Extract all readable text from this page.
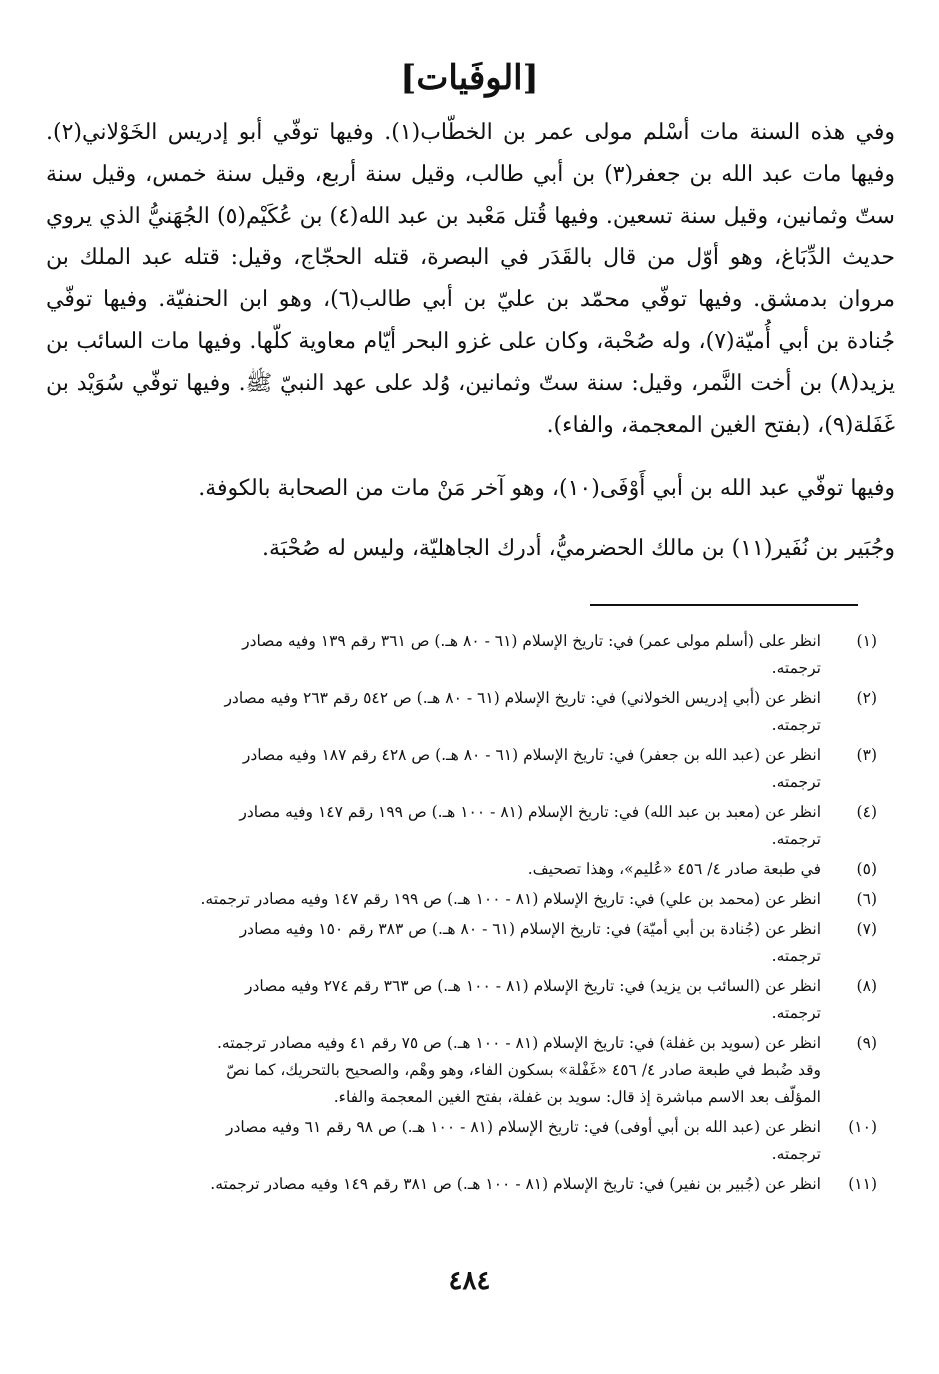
[الوفَيات]

وفي هذه السنة مات أسْلم مولى عمر بن الخطّاب(١). وفيها توفّي أبو إدريس الخَوْلاني(٢). وفيها مات عبد الله بن جعفر(٣) بن أبي طالب، وقيل سنة أربع، وقيل سنة خمس، وقيل سنة ستّ وثمانين، وقيل سنة تسعين. وفيها قُتل مَعْبد بن عبد الله(٤) بن عُكَيْم(٥) الجُهَنيُّ الذي يروي حديث الدِّبَاغ، وهو أوّل من قال بالقَدَر في البصرة، قتله الحجّاج، وقيل: قتله عبد الملك بن مروان بدمشق. وفيها توفّي محمّد بن عليّ بن أبي طالب(٦)، وهو ابن الحنفيّة. وفيها توفّي جُنادة بن أبي أُميّة(٧)، وله صُحْبة، وكان على غزو البحر أيّام معاوية كلّها. وفيها مات السائب بن يزيد(٨) بن أخت النَّمر، وقيل: سنة ستّ وثمانين، وُلد على عهد النبيّ ﷺ. وفيها توفّي سُوَيْد بن غَفَلة(٩)، (بفتح الغين المعجمة، والفاء).

وفيها توفّي عبد الله بن أبي أَوْفَى(١٠)، وهو آخر مَنْ مات من الصحابة بالكوفة.

وجُبَير بن نُفَير(١١) بن مالك الحضرميُّ، أدرك الجاهليّة، وليس له صُحْبَة.

(١)
انظر على (أسلم مولى عمر) في: تاريخ الإسلام (٦١ - ٨٠ هـ.) ص ٣٦١ رقم ١٣٩ وفيه مصادر
ترجمته.
(٢)
انظر عن (أبي إدريس الخولاني) في: تاريخ الإسلام (٦١ - ٨٠ هـ.) ص ٥٤٢ رقم ٢٦٣ وفيه مصادر
ترجمته.
(٣)
انظر عن (عبد الله بن جعفر) في: تاريخ الإسلام (٦١ - ٨٠ هـ.) ص ٤٢٨ رقم ١٨٧ وفيه مصادر
ترجمته.
(٤)
انظر عن (معبد بن عبد الله) في: تاريخ الإسلام (٨١ - ١٠٠ هـ.) ص ١٩٩ رقم ١٤٧ وفيه مصادر
ترجمته.
(٥)
في طبعة صادر ٤/ ٤٥٦ «عُليم»، وهذا تصحيف.
(٦)
انظر عن (محمد بن علي) في: تاريخ الإسلام (٨١ - ١٠٠ هـ.) ص ١٩٩ رقم ١٤٧ وفيه مصادر ترجمته.
(٧)
انظر عن (جُنادة بن أبي أميّة) في: تاريخ الإسلام (٦١ - ٨٠ هـ.) ص ٣٨٣ رقم ١٥٠ وفيه مصادر
ترجمته.
(٨)
انظر عن (السائب بن يزيد) في: تاريخ الإسلام (٨١ - ١٠٠ هـ.) ص ٣٦٣ رقم ٢٧٤ وفيه مصادر
ترجمته.
(٩)
انظر عن (سويد بن غفلة) في: تاريخ الإسلام (٨١ - ١٠٠ هـ.) ص ٧٥ رقم ٤١ وفيه مصادر ترجمته.
وقد ضُبط في طبعة صادر ٤/ ٤٥٦ «غَفْلة» بسكون الفاء، وهو وهْم، والصحيح بالتحريك، كما نصّ
المؤلّف بعد الاسم مباشرة إذ قال: سويد بن غفلة، بفتح الغين المعجمة والفاء.
(١٠)
انظر عن (عبد الله بن أبي أوفى) في: تاريخ الإسلام (٨١ - ١٠٠ هـ.) ص ٩٨ رقم ٦١ وفيه مصادر
ترجمته.
(١١)
انظر عن (جُبير بن نفير) في: تاريخ الإسلام (٨١ - ١٠٠ هـ.) ص ٣٨١ رقم ١٤٩ وفيه مصادر ترجمته.
٤٨٤
